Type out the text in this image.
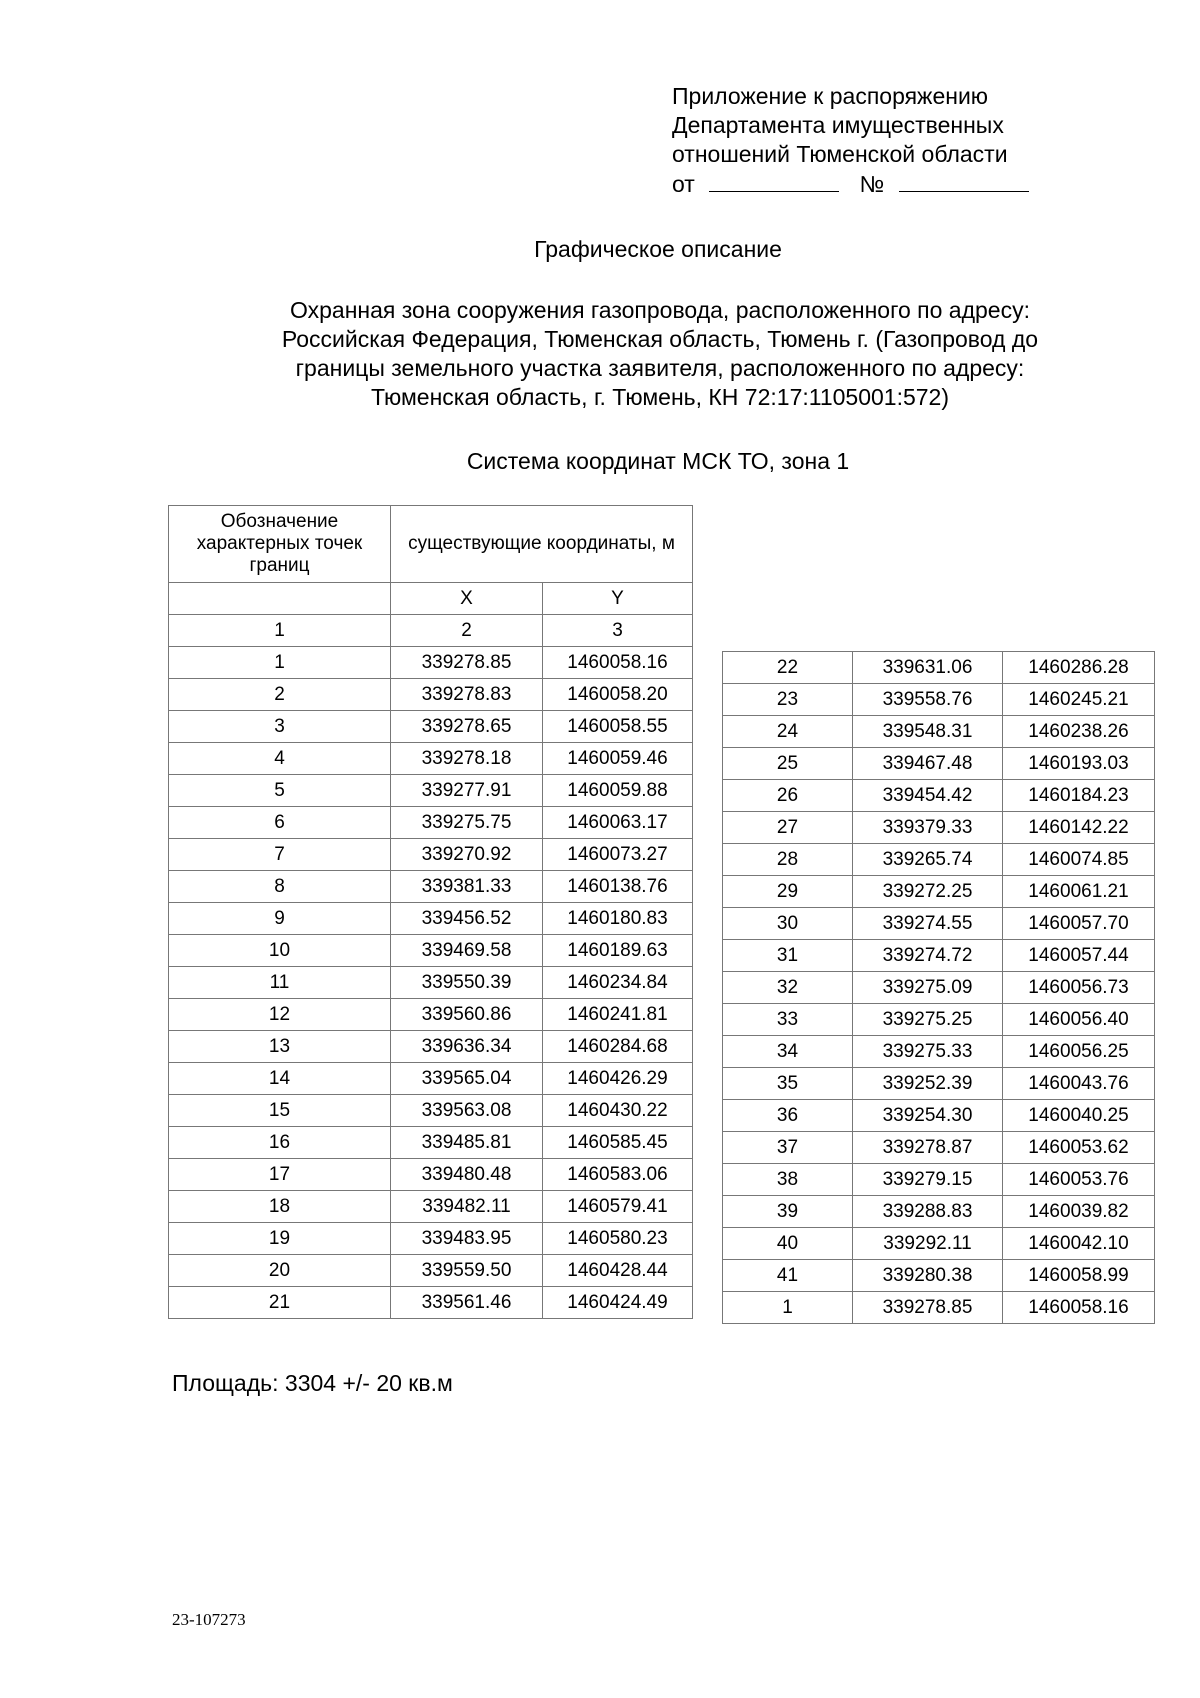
Приложение к распоряжению
Департамента имущественных
отношений Тюменской области
от	№
Графическое описание
Охранная зона сооружения газопровода, расположенного по адресу:
Российская Федерация, Тюменская область, Тюмень г. (Газопровод до
границы земельного участка заявителя, расположенного по адресу:
Тюменская область, г. Тюмень, КН 72:17:1105001:572)
Система координат МСК ТО, зона 1
Обозначение характерных точек границ	существующие координаты, м	
	X	Y
1	2	3
1	339278.85	1460058.16
2	339278.83	1460058.20
3	339278.65	1460058.55
4	339278.18	1460059.46
5	339277.91	1460059.88
6	339275.75	1460063.17
7	339270.92	1460073.27
8	339381.33	1460138.76
9	339456.52	1460180.83
10	339469.58	1460189.63
11	339550.39	1460234.84
12	339560.86	1460241.81
13	339636.34	1460284.68
14	339565.04	1460426.29
15	339563.08	1460430.22
16	339485.81	1460585.45
17	339480.48	1460583.06
18	339482.11	1460579.41
19	339483.95	1460580.23
20	339559.50	1460428.44
21	339561.46	1460424.49
22	339631.06	1460286.28
23	339558.76	1460245.21
24	339548.31	1460238.26
25	339467.48	1460193.03
26	339454.42	1460184.23
27	339379.33	1460142.22
28	339265.74	1460074.85
29	339272.25	1460061.21
30	339274.55	1460057.70
31	339274.72	1460057.44
32	339275.09	1460056.73
33	339275.25	1460056.40
34	339275.33	1460056.25
35	339252.39	1460043.76
36	339254.30	1460040.25
37	339278.87	1460053.62
38	339279.15	1460053.76
39	339288.83	1460039.82
40	339292.11	1460042.10
41	339280.38	1460058.99
1	339278.85	1460058.16
Площадь: 3304 +/- 20 кв.м
23-107273
